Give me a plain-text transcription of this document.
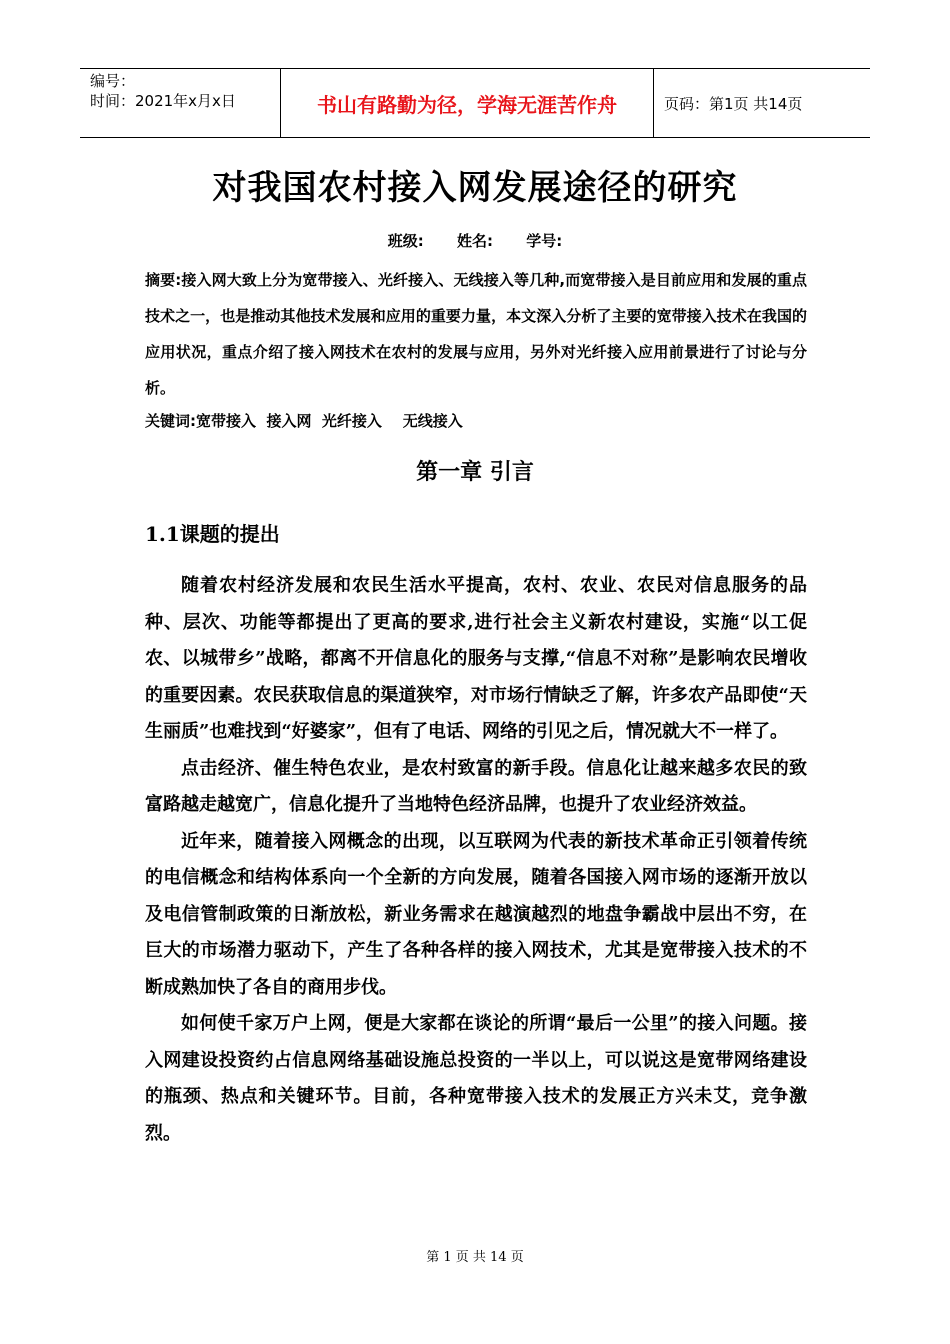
编号：
时间：2021年x月x日	书山有路勤为径，学海无涯苦作舟	页码：第1页 共14页
对我国农村接入网发展途径的研究
班级: 姓名: 学号:
摘要:接入网大致上分为宽带接入、光纤接入、无线接入等几种,而宽带接入是目前应用和发展的重点技术之一，也是推动其他技术发展和应用的重要力量，本文深入分析了主要的宽带接入技术在我国的应用状况，重点介绍了接入网技术在农村的发展与应用，另外对光纤接入应用前景进行了讨论与分析。
关键词:宽带接入  接入网  光纤接入    无线接入
第一章 引言
1.1课题的提出

随着农村经济发展和农民生活水平提高，农村、农业、农民对信息服务的品种、层次、功能等都提出了更高的要求,进行社会主义新农村建设，实施“以工促农、以城带乡”战略，都离不开信息化的服务与支撑,“信息不对称”是影响农民增收的重要因素。农民获取信息的渠道狭窄，对市场行情缺乏了解，许多农产品即使“天生丽质”也难找到“好婆家”，但有了电话、网络的引见之后，情况就大不一样了。

点击经济、催生特色农业，是农村致富的新手段。信息化让越来越多农民的致富路越走越宽广，信息化提升了当地特色经济品牌，也提升了农业经济效益。

近年来，随着接入网概念的出现，以互联网为代表的新技术革命正引领着传统的电信概念和结构体系向一个全新的方向发展，随着各国接入网市场的逐渐开放以及电信管制政策的日渐放松，新业务需求在越演越烈的地盘争霸战中层出不穷，在巨大的市场潜力驱动下，产生了各种各样的接入网技术，尤其是宽带接入技术的不断成熟加快了各自的商用步伐。

如何使千家万户上网，便是大家都在谈论的所谓“最后一公里”的接入问题。接入网建设投资约占信息网络基础设施总投资的一半以上，可以说这是宽带网络建设的瓶颈、热点和关键环节。目前，各种宽带接入技术的发展正方兴未艾，竞争激烈。

第 1 页 共 14 页
